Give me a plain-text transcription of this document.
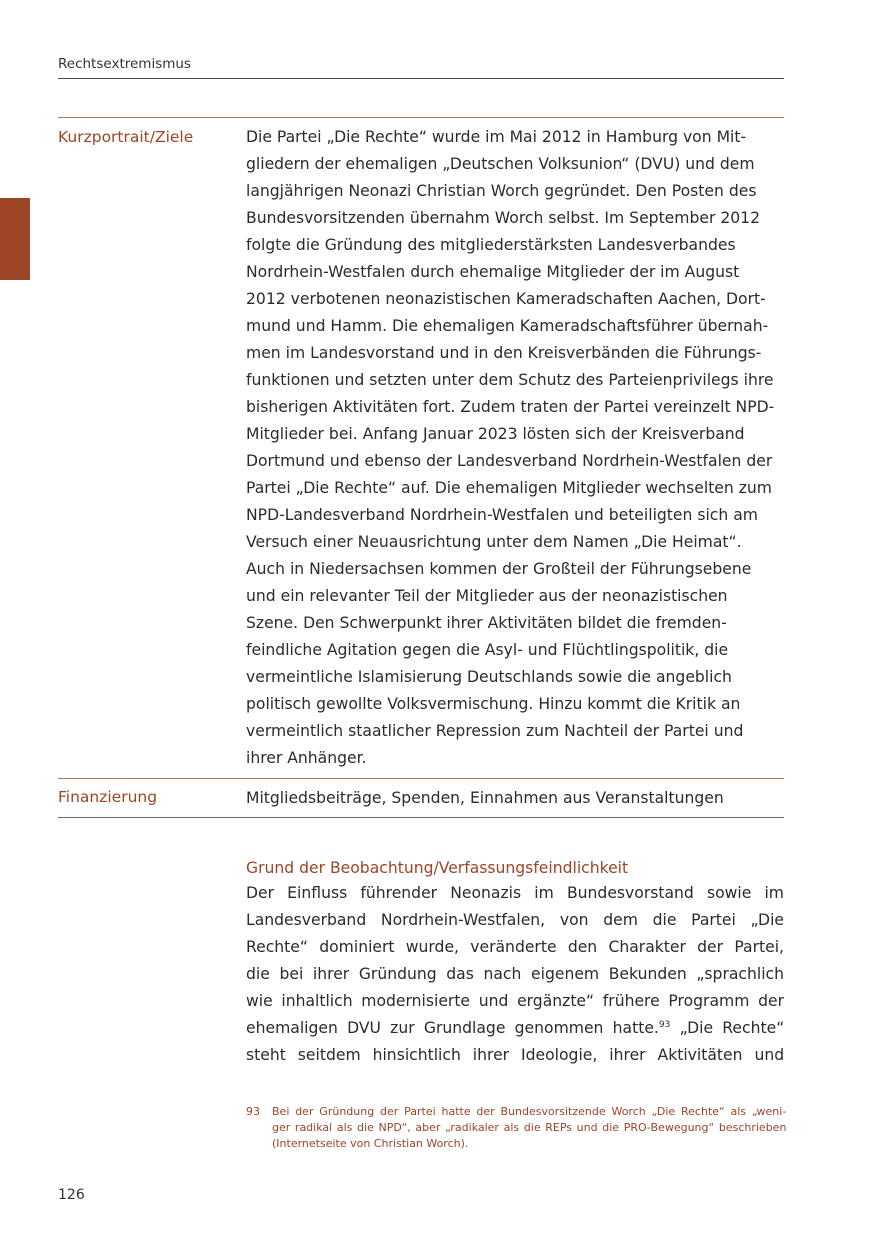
Rechtsextremismus
Kurzportrait/Ziele	Die Partei „Die Rechte“ wurde im Mai 2012 in Hamburg von Mit-
gliedern der ehemaligen „Deutschen Volksunion“ (DVU) und dem
langjährigen Neonazi Christian Worch gegründet. Den Posten des
Bundesvorsitzenden übernahm Worch selbst. Im September 2012
folgte die Gründung des mitgliederstärksten Landesverbandes
Nordrhein-Westfalen durch ehemalige Mitglieder der im August
2012 verbotenen neonazistischen Kameradschaften Aachen, Dort-
mund und Hamm. Die ehemaligen Kameradschaftsführer übernah-
men im Landesvorstand und in den Kreisverbänden die Führungs-
funktionen und setzten unter dem Schutz des Parteienprivilegs ihre
bisherigen Aktivitäten fort. Zudem traten der Partei vereinzelt NPD-
Mitglieder bei. Anfang Januar 2023 lösten sich der Kreisverband
Dortmund und ebenso der Landesverband Nordrhein-Westfalen der
Partei „Die Rechte“ auf. Die ehemaligen Mitglieder wechselten zum
NPD-Landesverband Nordrhein-Westfalen und beteiligten sich am
Versuch einer Neuausrichtung unter dem Namen „Die Heimat“.
Auch in Niedersachsen kommen der Großteil der Führungsebene
und ein relevanter Teil der Mitglieder aus der neonazistischen
Szene. Den Schwerpunkt ihrer Aktivitäten bildet die fremden-
feindliche Agitation gegen die Asyl- und Flüchtlingspolitik, die
vermeintliche Islamisierung Deutschlands sowie die angeblich
politisch gewollte Volksvermischung. Hinzu kommt die Kritik an
vermeintlich staatlicher Repression zum Nachteil der Partei und
ihrer Anhänger.
Finanzierung	Mitgliedsbeiträge, Spenden, Einnahmen aus Veranstaltungen
Grund der Beobachtung/Verfassungsfeindlichkeit
Der Einfluss führender Neonazis im Bundesvorstand sowie im
Landesverband Nordrhein-Westfalen, von dem die Partei „Die
Rechte“ dominiert wurde, veränderte den Charakter der Partei,
die bei ihrer Gründung das nach eigenem Bekunden „sprachlich
wie inhaltlich modernisierte und ergänzte“ frühere Programm der
ehemaligen DVU zur Grundlage genommen hatte.$^{93}$ „Die Rechte“
steht seitdem hinsichtlich ihrer Ideologie, ihrer Aktivitäten und
93 Bei der Gründung der Partei hatte der Bundesvorsitzende Worch „Die Rechte“ als „weni-
ger radikal als die NPD“, aber „radikaler als die REPs und die PRO-Bewegung“ beschrieben
(Internetseite von Christian Worch).
126
